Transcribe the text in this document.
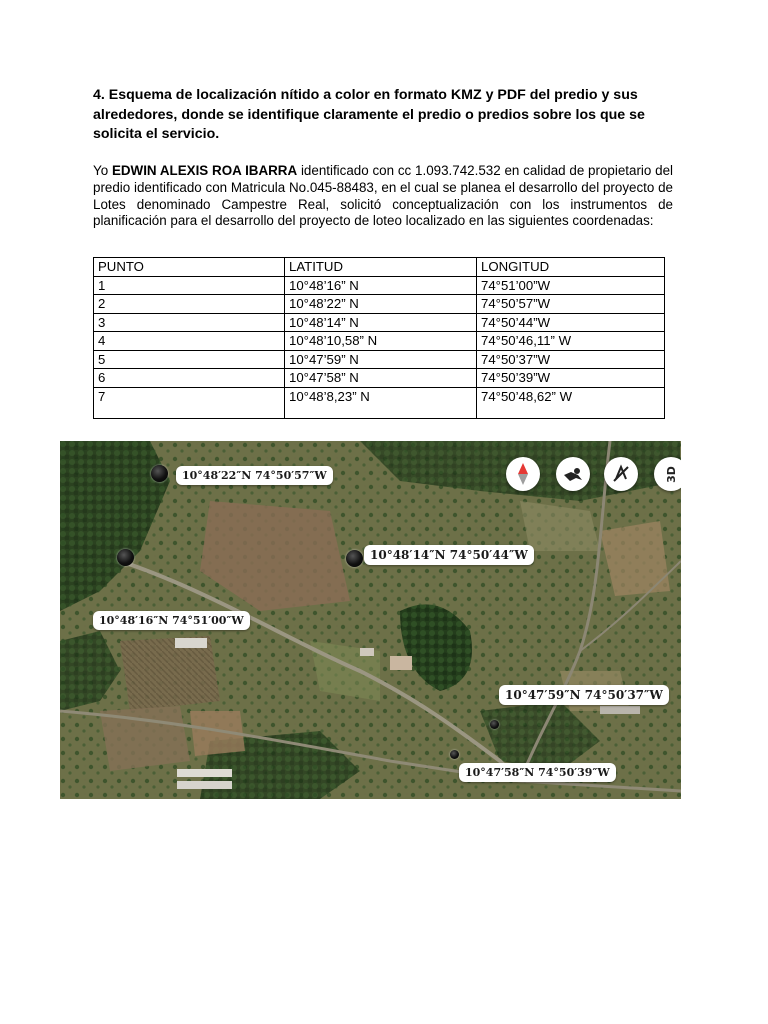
4. Esquema de localización nítido a color en formato KMZ y PDF del predio y sus alrededores, donde se identifique claramente el predio o predios sobre los que se solicita el servicio.
Yo EDWIN ALEXIS ROA IBARRA identificado con cc 1.093.742.532 en calidad de propietario del predio identificado con Matricula No.045-88483, en el cual se planea el desarrollo del proyecto de Lotes denominado Campestre Real, solicitó conceptualización con los instrumentos de planificación para el desarrollo del proyecto de loteo localizado en las siguientes coordenadas:
PUNTO	LATITUD	LONGITUD
1	10°48’16” N	74°51’00”W
2	10°48’22” N	74°50’57”W
3	10°48’14” N	74°50’44”W
4	10°48’10,58” N	74°50’46,11” W
5	10°47’59” N	74°50’37”W
6	10°47’58” N	74°50’39”W
7	10°48’8,23” N	74°50’48,62” W
10°48′22″N 74°50′57″W
10°48′14″N 74°50′44″W
10°48′16″N 74°51′00″W
10°47′59″N 74°50′37″W
10°47′58″N 74°50′39″W
3D
